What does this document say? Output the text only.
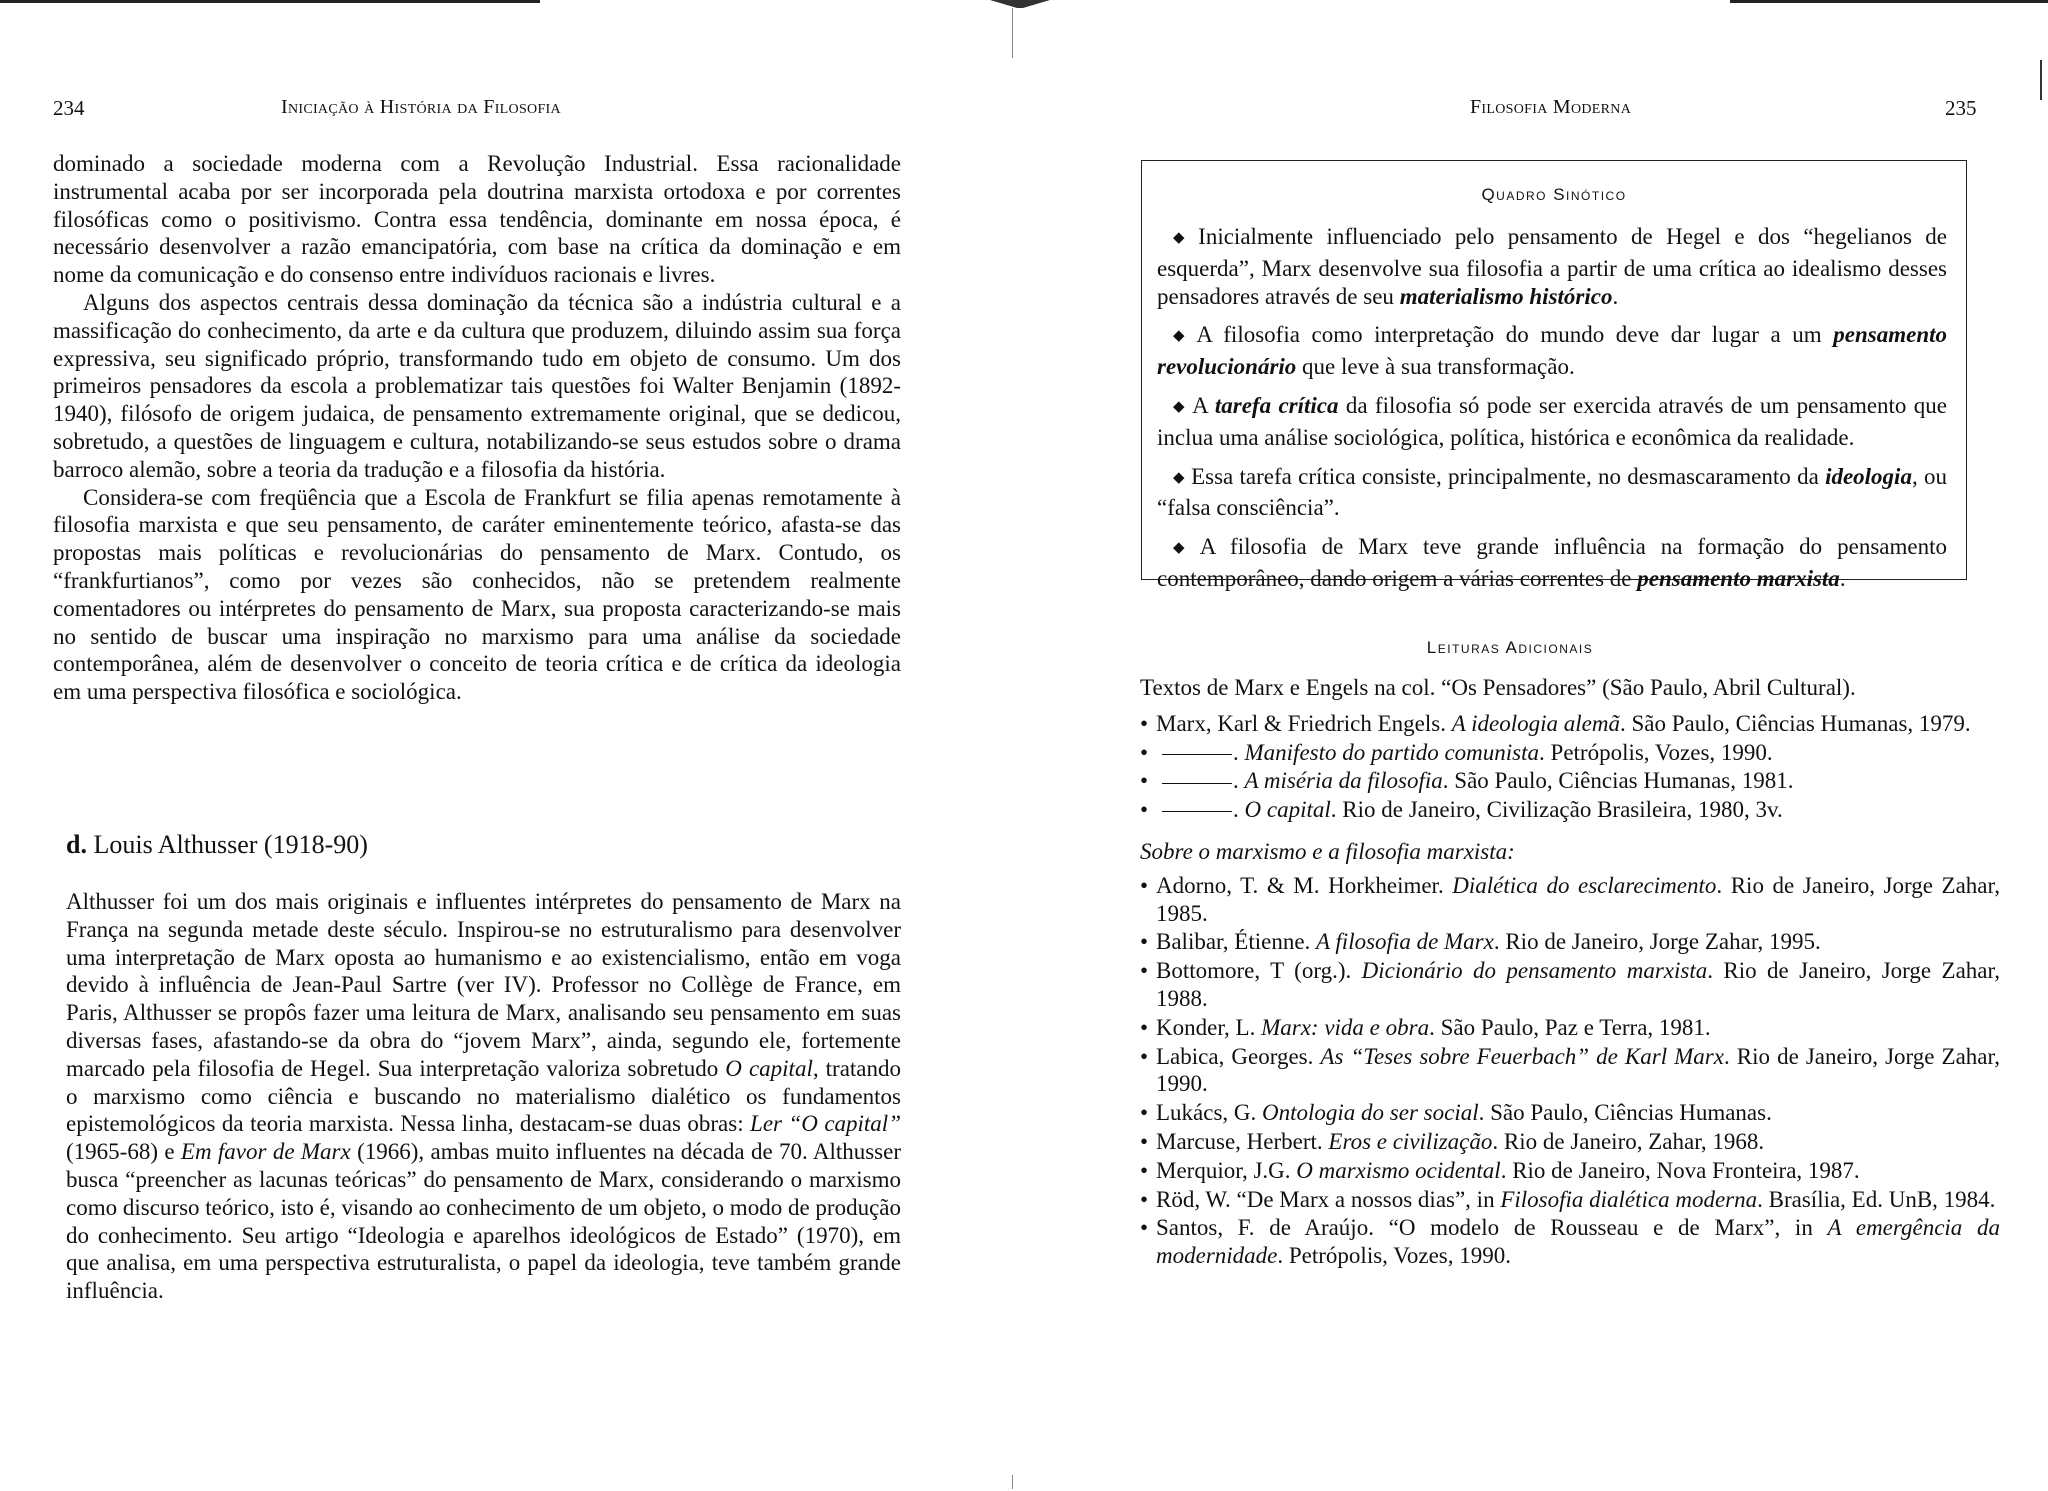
234	Iniciação à História da Filosofia

dominado a sociedade moderna com a Revolução Industrial. Essa racionalidade instrumental acaba por ser incorporada pela doutrina marxista ortodoxa e por correntes filosóficas como o positivismo. Contra essa tendência, dominante em nossa época, é necessário desenvolver a razão emancipatória, com base na crítica da dominação e em nome da comunicação e do consenso entre indivíduos racionais e livres.

Alguns dos aspectos centrais dessa dominação da técnica são a indústria cultural e a massificação do conhecimento, da arte e da cultura que produzem, diluindo assim sua força expressiva, seu significado próprio, transformando tudo em objeto de consumo. Um dos primeiros pensadores da escola a problematizar tais questões foi Walter Benjamin (1892-1940), filósofo de origem judaica, de pensamento extremamente original, que se dedicou, sobretudo, a questões de linguagem e cultura, notabilizando-se seus estudos sobre o drama barroco alemão, sobre a teoria da tradução e a filosofia da história.

Considera-se com freqüência que a Escola de Frankfurt se filia apenas remotamente à filosofia marxista e que seu pensamento, de caráter eminentemente teórico, afasta-se das propostas mais políticas e revolucionárias do pensamento de Marx. Contudo, os “frankfurtianos”, como por vezes são conhecidos, não se pretendem realmente comentadores ou intérpretes do pensamento de Marx, sua proposta caracterizando-se mais no sentido de buscar uma inspiração no marxismo para uma análise da sociedade contemporânea, além de desenvolver o conceito de teoria crítica e de crítica da ideologia em uma perspectiva filosófica e sociológica.

d. Louis Althusser (1918-90)

Althusser foi um dos mais originais e influentes intérpretes do pensamento de Marx na França na segunda metade deste século. Inspirou-se no estruturalismo para desenvolver uma interpretação de Marx oposta ao humanismo e ao existencialismo, então em voga devido à influência de Jean-Paul Sartre (ver IV). Professor no Collège de France, em Paris, Althusser se propôs fazer uma leitura de Marx, analisando seu pensamento em suas diversas fases, afastando-se da obra do “jovem Marx”, ainda, segundo ele, fortemente marcado pela filosofia de Hegel. Sua interpretação valoriza sobretudo O capital, tratando o marxismo como ciência e buscando no materialismo dialético os fundamentos epistemológicos da teoria marxista. Nessa linha, destacam-se duas obras: Ler “O capital” (1965-68) e Em favor de Marx (1966), ambas muito influentes na década de 70. Althusser busca “preencher as lacunas teóricas” do pensamento de Marx, considerando o marxismo como discurso teórico, isto é, visando ao conhecimento de um objeto, o modo de produção do conhecimento. Seu artigo “Ideologia e aparelhos ideológicos de Estado” (1970), em que analisa, em uma perspectiva estruturalista, o papel da ideologia, teve também grande influência.

Filosofia Moderna	235
Quadro Sinótico

◆ Inicialmente influenciado pelo pensamento de Hegel e dos “hegelianos de esquerda”, Marx desenvolve sua filosofia a partir de uma crítica ao idealismo desses pensadores através de seu materialismo histórico.

◆ A filosofia como interpretação do mundo deve dar lugar a um pensamento revolucionário que leve à sua transformação.

◆ A tarefa crítica da filosofia só pode ser exercida através de um pensamento que inclua uma análise sociológica, política, histórica e econômica da realidade.

◆ Essa tarefa crítica consiste, principalmente, no desmascaramento da ideologia, ou “falsa consciência”.

◆ A filosofia de Marx teve grande influência na formação do pensamento contemporâneo, dando origem a várias correntes de pensamento marxista.

Leituras Adicionais

Textos de Marx e Engels na col. “Os Pensadores” (São Paulo, Abril Cultural).

• Marx, Karl & Friedrich Engels. A ideologia alemã. São Paulo, Ciências Humanas, 1979.

•	. Manifesto do partido comunista. Petrópolis, Vozes, 1990.

•	. A miséria da filosofia. São Paulo, Ciências Humanas, 1981.

•	. O capital. Rio de Janeiro, Civilização Brasileira, 1980, 3v.

Sobre o marxismo e a filosofia marxista:

• Adorno, T. & M. Horkheimer. Dialética do esclarecimento. Rio de Janeiro, Jorge Zahar, 1985.

• Balibar, Étienne. A filosofia de Marx. Rio de Janeiro, Jorge Zahar, 1995.

• Bottomore, T (org.). Dicionário do pensamento marxista. Rio de Janeiro, Jorge Zahar, 1988.

• Konder, L. Marx: vida e obra. São Paulo, Paz e Terra, 1981.

• Labica, Georges. As “Teses sobre Feuerbach” de Karl Marx. Rio de Janeiro, Jorge Zahar, 1990.

• Lukács, G. Ontologia do ser social. São Paulo, Ciências Humanas.

• Marcuse, Herbert. Eros e civilização. Rio de Janeiro, Zahar, 1968.

• Merquior, J.G. O marxismo ocidental. Rio de Janeiro, Nova Fronteira, 1987.

• Röd, W. “De Marx a nossos dias”, in Filosofia dialética moderna. Brasília, Ed. UnB, 1984.

• Santos, F. de Araújo. “O modelo de Rousseau e de Marx”, in A emergência da modernidade. Petrópolis, Vozes, 1990.
